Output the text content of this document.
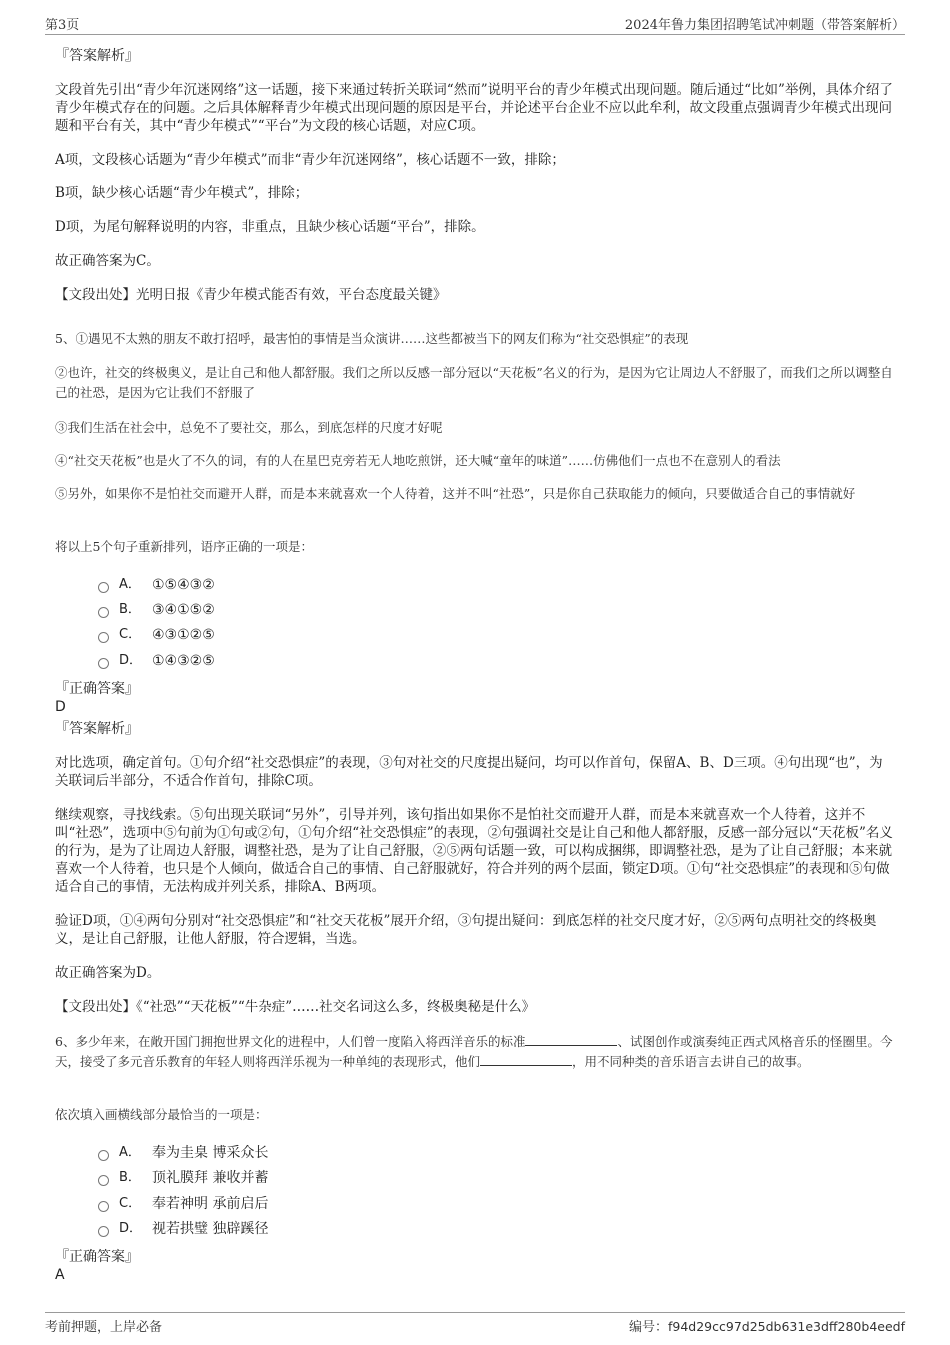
第3页	2024年鲁力集团招聘笔试冲刺题（带答案解析）
『答案解析』
文段首先引出“青少年沉迷网络”这一话题，接下来通过转折关联词“然而”说明平台的青少年模式出现问题。随后通过“比如”举例，具体介绍了青少年模式存在的问题。之后具体解释青少年模式出现问题的原因是平台，并论述平台企业不应以此牟利，故文段重点强调青少年模式出现问题和平台有关，其中“青少年模式”“平台”为文段的核心话题，对应C项。
A项，文段核心话题为“青少年模式”而非“青少年沉迷网络”，核心话题不一致，排除；
B项，缺少核心话题“青少年模式”，排除；
D项，为尾句解释说明的内容，非重点，且缺少核心话题“平台”，排除。
故正确答案为C。
【文段出处】光明日报《青少年模式能否有效，平台态度最关键》
5、①遇见不太熟的朋友不敢打招呼，最害怕的事情是当众演讲……这些都被当下的网友们称为“社交恐惧症”的表现
②也许，社交的终极奥义，是让自己和他人都舒服。我们之所以反感一部分冠以“天花板”名义的行为，是因为它让周边人不舒服了，而我们之所以调整自己的社恐，是因为它让我们不舒服了
③我们生活在社会中，总免不了要社交，那么，到底怎样的尺度才好呢
④“社交天花板”也是火了不久的词，有的人在星巴克旁若无人地吃煎饼，还大喊“童年的味道”……仿佛他们一点也不在意别人的看法
⑤另外，如果你不是怕社交而避开人群，而是本来就喜欢一个人待着，这并不叫“社恐”，只是你自己获取能力的倾向，只要做适合自己的事情就好
将以上5个句子重新排列，语序正确的一项是：
A． ①⑤④③②
B． ③④①⑤②
C． ④③①②⑤
D． ①④③②⑤
『正确答案』
D
『答案解析』
对比选项，确定首句。①句介绍“社交恐惧症”的表现，③句对社交的尺度提出疑问，均可以作首句，保留A、B、D三项。④句出现“也”，为关联词后半部分，不适合作首句，排除C项。
继续观察，寻找线索。⑤句出现关联词“另外”，引导并列，该句指出如果你不是怕社交而避开人群，而是本来就喜欢一个人待着，这并不叫“社恐”，选项中⑤句前为①句或②句，①句介绍“社交恐惧症”的表现，②句强调社交是让自己和他人都舒服，反感一部分冠以“天花板”名义的行为，是为了让周边人舒服，调整社恐，是为了让自己舒服，②⑤两句话题一致，可以构成捆绑，即调整社恐，是为了让自己舒服；本来就喜欢一个人待着，也只是个人倾向，做适合自己的事情、自己舒服就好，符合并列的两个层面，锁定D项。①句“社交恐惧症”的表现和⑤句做适合自己的事情，无法构成并列关系，排除A、B两项。
验证D项，①④两句分别对“社交恐惧症”和“社交天花板”展开介绍，③句提出疑问：到底怎样的社交尺度才好，②⑤两句点明社交的终极奥义，是让自己舒服，让他人舒服，符合逻辑，当选。
故正确答案为D。
【文段出处】《“社恐”“天花板”“牛杂症”……社交名词这么多，终极奥秘是什么》
6、多少年来，在敞开国门拥抱世界文化的进程中，人们曾一度陷入将西洋音乐的标准	、试图创作或演奏纯正西式风格音乐的怪圈里。今天，接受了多元音乐教育的年轻人则将西洋乐视为一种单纯的表现形式，他们	，用不同种类的音乐语言去讲自己的故事。
依次填入画横线部分最恰当的一项是：
A． 奉为圭臬 博采众长
B． 顶礼膜拜 兼收并蓄
C． 奉若神明 承前启后
D． 视若拱璧 独辟蹊径
『正确答案』
A
考前押题，上岸必备	编号：f94d29cc97d25db631e3dff280b4eedf
